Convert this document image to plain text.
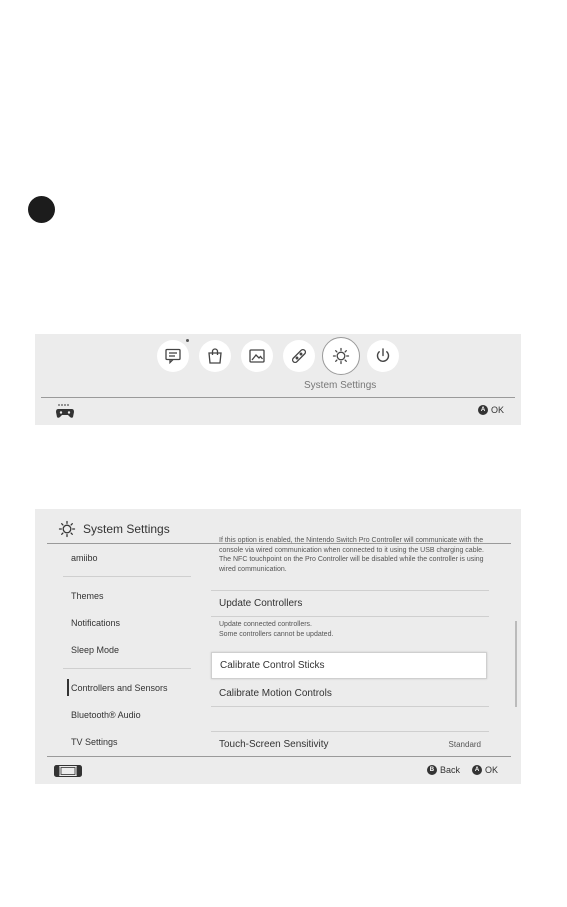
System Settings
A OK
System Settings
amiibo
Themes
Notifications
Sleep Mode
Controllers and Sensors
Bluetooth® Audio
TV Settings
If this option is enabled, the Nintendo Switch Pro Controller will communicate with the console via wired communication when connected to it using the USB charging cable. The NFC touchpoint on the Pro Controller will be disabled while the controller is using wired communication.
Update Controllers
Update connected controllers.
Some controllers cannot be updated.
Calibrate Control Sticks
Calibrate Motion Controls
Touch-Screen Sensitivity	Standard
B Back	A OK
